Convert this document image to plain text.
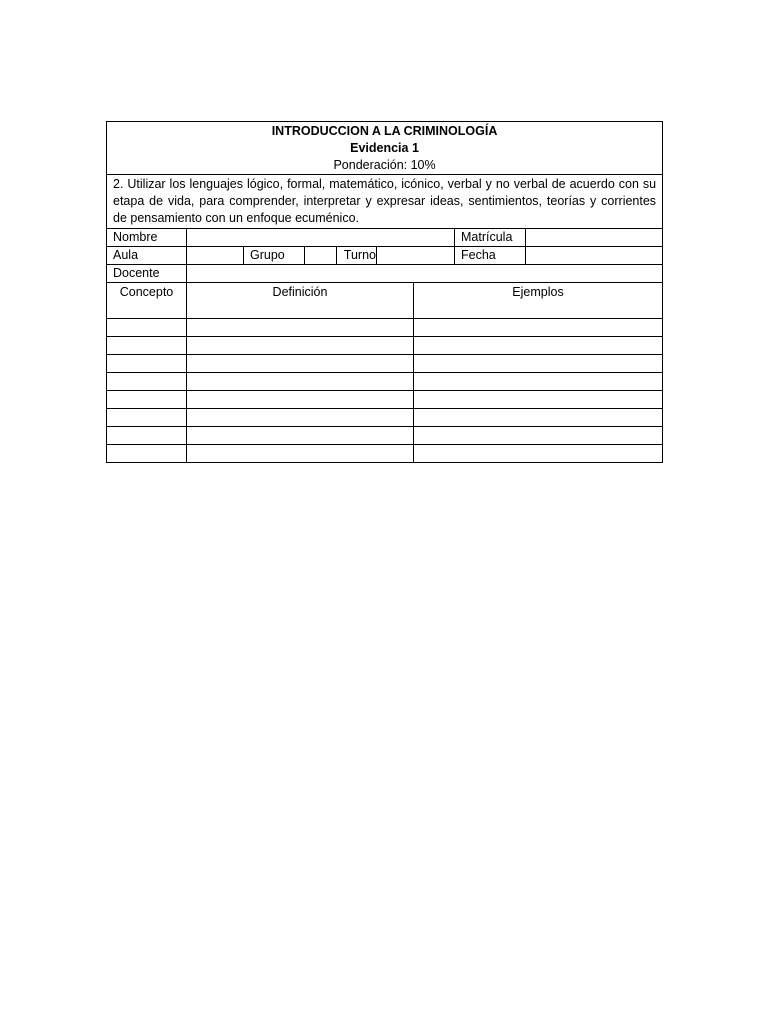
INTRODUCCION A LA CRIMINOLOGÍA
Evidencia 1
Ponderación: 10%						

2. Utilizar los lenguajes lógico, formal, matemático, icónico, verbal y no verbal de acuerdo con su etapa de vida, para comprender, interpretar y expresar ideas, sentimientos, teorías y corrientes de pensamiento con un enfoque ecuménico.						
Nombre					Matrícula	
Aula		Grupo	Turno		Fecha	
Docente						
Concepto	Definición	Ejemplos
